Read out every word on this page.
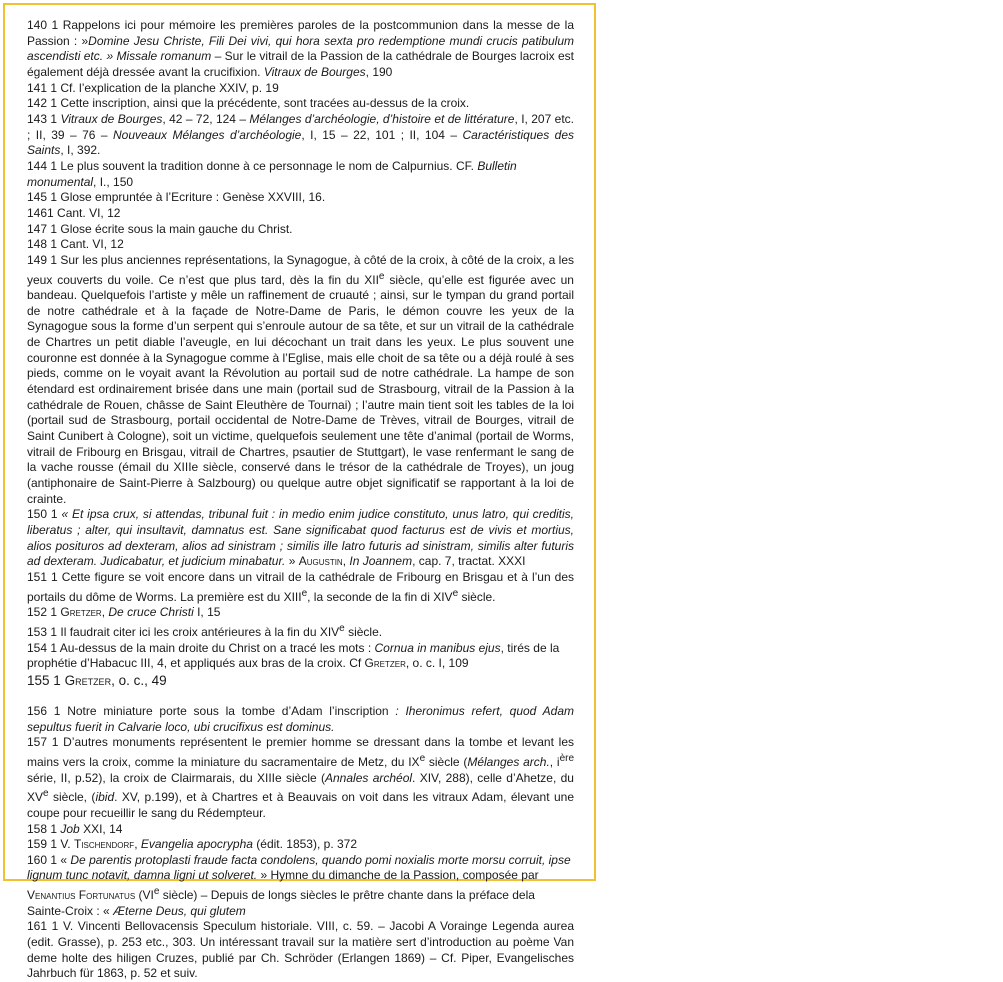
140 1 Rappelons ici pour mémoire les premières paroles de la postcommunion dans la messe de la Passion : »Domine Jesu Christe, Fili Dei vivi, qui hora sexta pro redemptione mundi crucis patibulum ascendisti etc. » Missale romanum – Sur le vitrail de la Passion de la cathédrale de Bourges lacroix est également déjà dressée avant la crucifixion. Vitraux de Bourges, 190

141 1 Cf. l’explication de la planche XXIV, p. 19

142 1 Cette inscription, ainsi que la précédente, sont tracées au-dessus de la croix.

143 1 Vitraux de Bourges, 42 – 72, 124 – Mélanges d’archéologie, d’histoire et de littérature, I, 207 etc. ; II, 39 – 76 – Nouveaux Mélanges d’archéologie, I, 15 – 22, 101 ; II, 104 – Caractéristiques des Saints, I, 392.

144 1 Le plus souvent la tradition donne à ce personnage le nom de Calpurnius. CF. Bulletin monumental, I., 150

145 1 Glose empruntée à l’Ecriture : Genèse XXVIII, 16.

1461 Cant. VI, 12

147 1 Glose écrite sous la main gauche du Christ.

148 1 Cant. VI, 12

149 1 Sur les plus anciennes représentations, la Synagogue, à côté de la croix, à côté de la croix, a les yeux couverts du voile. Ce n’est que plus tard, dès la fin du XIIe siècle, qu’elle est figurée avec un bandeau. Quelquefois l’artiste y mêle un raffinement de cruauté ; ainsi, sur le tympan du grand portail de notre cathédrale et à la façade de Notre-Dame de Paris, le démon couvre les yeux de la Synagogue sous la forme d’un serpent qui s’enroule autour de sa tête, et sur un vitrail de la cathédrale de Chartres un petit diable l’aveugle, en lui décochant un trait dans les yeux. Le plus souvent une couronne est donnée à la Synagogue comme à l’Eglise, mais elle choit de sa tête ou a déjà roulé à ses pieds, comme on le voyait avant la Révolution au portail sud de notre cathédrale. La hampe de son étendard est ordinairement brisée dans une main (portail sud de Strasbourg, vitrail de la Passion à la cathédrale de Rouen, châsse de Saint Eleuthère de Tournai) ; l’autre main tient soit les tables de la loi (portail sud de Strasbourg, portail occidental de Notre-Dame de Trèves, vitrail de Bourges, vitrail de Saint Cunibert à Cologne), soit un victime, quelquefois seulement une tête d’animal (portail de Worms, vitrail de Fribourg en Brisgau, vitrail de Chartres, psautier de Stuttgart), le vase renfermant le sang de la vache rousse (émail du XIIIe siècle, conservé dans le trésor de la cathédrale de Troyes), un joug (antiphonaire de Saint-Pierre à Salzbourg) ou quelque autre objet significatif se rapportant à la loi de crainte.

150 1 « Et ipsa crux, si attendas, tribunal fuit : in medio enim judice constituto, unus latro, qui creditis, liberatus ; alter, qui insultavit, damnatus est. Sane significabat quod facturus est de vivis et mortius, alios posituros ad dexteram, alios ad sinistram ; similis ille latro futuris ad sinistram, similis alter futuris ad dexteram. Judicabatur, et judicium minabatur. » Augustin, In Joannem, cap. 7, tractat. XXXI

151 1 Cette figure se voit encore dans un vitrail de la cathédrale de Fribourg en Brisgau et à l’un des portails du dôme de Worms. La première est du XIIIe, la seconde de la fin di XIVe siècle.

152 1 Gretzer, De cruce Christi I, 15

153 1 Il faudrait citer ici les croix antérieures à la fin du XIVe siècle.

154 1 Au-dessus de la main droite du Christ on a tracé les mots : Cornua in manibus ejus, tirés de la prophétie d’Habacuc III, 4, et appliqués aux bras de la croix. Cf Gretzer, o. c. I, 109

155 1 Gretzer, o. c., 49

156 1 Notre miniature porte sous la tombe d’Adam l’inscription : Iheronimus refert, quod Adam sepultus fuerit in Calvarie loco, ubi crucifixus est dominus.

157 1 D’autres monuments représentent le premier homme se dressant dans la tombe et levant les mains vers la croix, comme la miniature du sacramentaire de Metz, du IXe siècle (Mélanges arch., $i^{ère}$ série, II, p.52), la croix de Clairmarais, du XIIIe siècle (Annales archéol. XIV, 288), celle d’Ahetze, du XVe siècle, (ibid. XV, p.199), et à Chartres et à Beauvais on voit dans les vitraux Adam, élevant une coupe pour recueillir le sang du Rédempteur.

158 1 Job XXI, 14

159 1 V. Tischendorf, Evangelia apocrypha (édit. 1853), p. 372

160 1 « De parentis protoplasti fraude facta condolens, quando pomi noxialis morte morsu corruit, ipse lignum tunc notavit, damna ligni ut solveret. » Hymne du dimanche de la Passion, composée par Venantius Fortunatus (VIe siècle) – Depuis de longs siècles le prêtre chante dans la préface dela Sainte-Croix : « Æterne Deus, qui glutem

161 1 V. Vincenti Bellovacensis Speculum historiale. VIII, c. 59. – Jacobi A Voraingе Legenda aurea (edit. Grasse), p. 253 etc., 303. Un intéressant travail sur la matière sert d’introduction au poème Van deme holte des hiligen Cruzes, publié par Ch. Schröder (Erlangen 1869) – Cf. Piper, Evangelisches Jahrbuch für 1863, p. 52 et suiv.
